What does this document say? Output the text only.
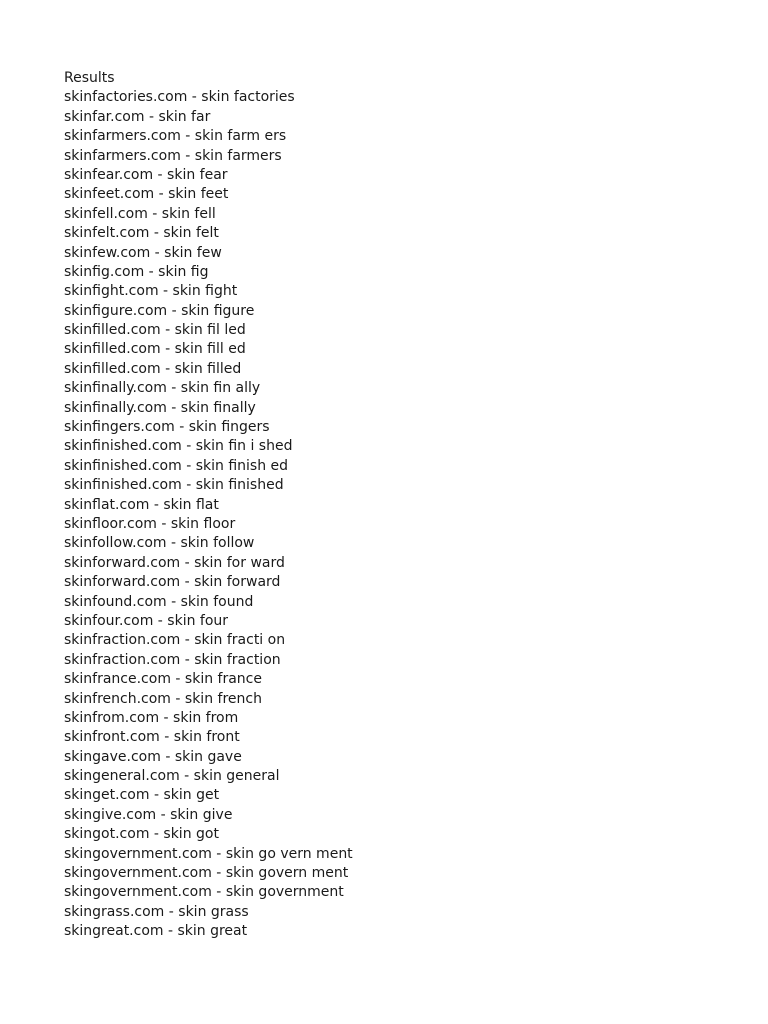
Results
skinfactories.com - skin factories
skinfar.com - skin far
skinfarmers.com - skin farm ers
skinfarmers.com - skin farmers
skinfear.com - skin fear
skinfeet.com - skin feet
skinfell.com - skin fell
skinfelt.com - skin felt
skinfew.com - skin few
skinfig.com - skin fig
skinfight.com - skin fight
skinfigure.com - skin figure
skinfilled.com - skin fil led
skinfilled.com - skin fill ed
skinfilled.com - skin filled
skinfinally.com - skin fin ally
skinfinally.com - skin finally
skinfingers.com - skin fingers
skinfinished.com - skin fin i shed
skinfinished.com - skin finish ed
skinfinished.com - skin finished
skinflat.com - skin flat
skinfloor.com - skin floor
skinfollow.com - skin follow
skinforward.com - skin for ward
skinforward.com - skin forward
skinfound.com - skin found
skinfour.com - skin four
skinfraction.com - skin fracti on
skinfraction.com - skin fraction
skinfrance.com - skin france
skinfrench.com - skin french
skinfrom.com - skin from
skinfront.com - skin front
skingave.com - skin gave
skingeneral.com - skin general
skinget.com - skin get
skingive.com - skin give
skingot.com - skin got
skingovernment.com - skin go vern ment
skingovernment.com - skin govern ment
skingovernment.com - skin government
skingrass.com - skin grass
skingreat.com - skin great
